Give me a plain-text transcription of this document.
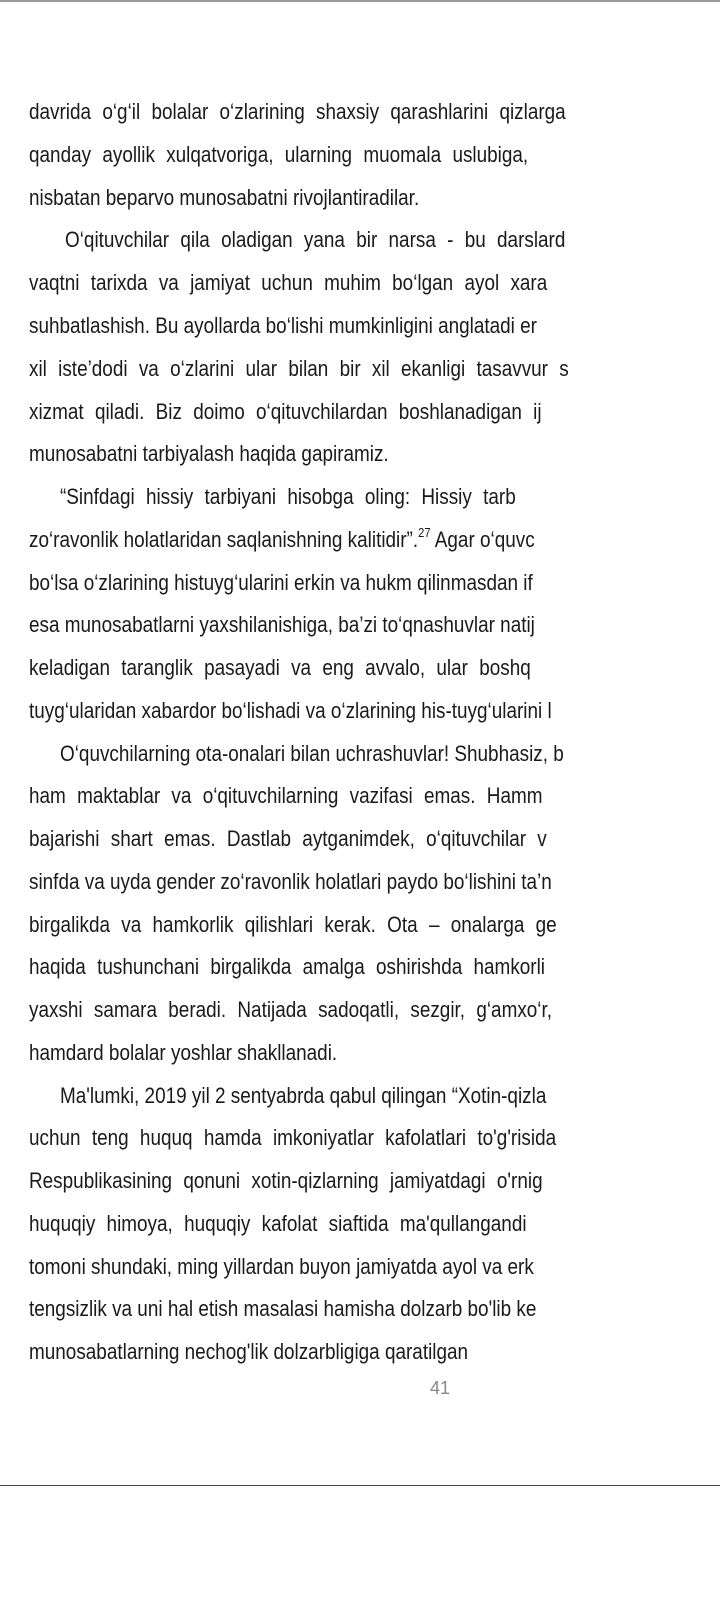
davrida o‘g‘il bolalar o‘zlarining shaxsiy qarashlarini qizlarga
qanday ayollik xulqatvoriga, ularning muomala uslubiga,
nisbatan beparvo munosabatni rivojlantiradilar.
O‘qituvchilar qila oladigan yana bir narsa - bu darslard
vaqtni tarixda va jamiyat uchun muhim bo‘lgan ayol xara
suhbatlashish. Bu ayollarda bo‘lishi mumkinligini anglatadi er
xil iste’dodi va o‘zlarini ular bilan bir xil ekanligi tasavvur s
xizmat qiladi. Biz doimo o‘qituvchilardan boshlanadigan ij
munosabatni tarbiyalash haqida gapiramiz.
“Sinfdagi hissiy tarbiyani hisobga oling: Hissiy tarb
zo‘ravonlik holatlaridan saqlanishning kalitidir”.$^{27}$ Agar o‘quvc
bo‘lsa o‘zlarining histuyg‘ularini erkin va hukm qilinmasdan if
esa munosabatlarni yaxshilanishiga, ba’zi to‘qnashuvlar natij
keladigan taranglik pasayadi va eng avvalo, ular boshq
tuyg‘ularidan xabardor bo‘lishadi va o‘zlarining his-tuyg‘ularini l
O‘quvchilarning ota-onalari bilan uchrashuvlar! Shubhasiz, b
ham maktablar va o‘qituvchilarning vazifasi emas. Hamm
bajarishi shart emas. Dastlab aytganimdek, o‘qituvchilar v
sinfda va uyda gender zo‘ravonlik holatlari paydo bo‘lishini ta’n
birgalikda va hamkorlik qilishlari kerak. Ota – onalarga ge
haqida tushunchani birgalikda amalga oshirishda hamkorli
yaxshi samara beradi. Natijada sadoqatli, sezgir, g‘amxo‘r,
hamdard bolalar yoshlar shakllanadi.
Ma'lumki, 2019 yil 2 sentyabrda qabul qilingan “Xotin-qizla
uchun teng huquq hamda imkoniyatlar kafolatlari to'g'risida
Respublikasining qonuni xotin-qizlarning jamiyatdagi o'rnig
huquqiy himoya, huquqiy kafolat siaftida ma'qullangandi
tomoni shundaki, ming yillardan buyon jamiyatda ayol va erk
tengsizlik va uni hal etish masalasi hamisha dolzarb bo'lib ke
munosabatlarning nechog'lik dolzarbligiga qaratilgan
41
